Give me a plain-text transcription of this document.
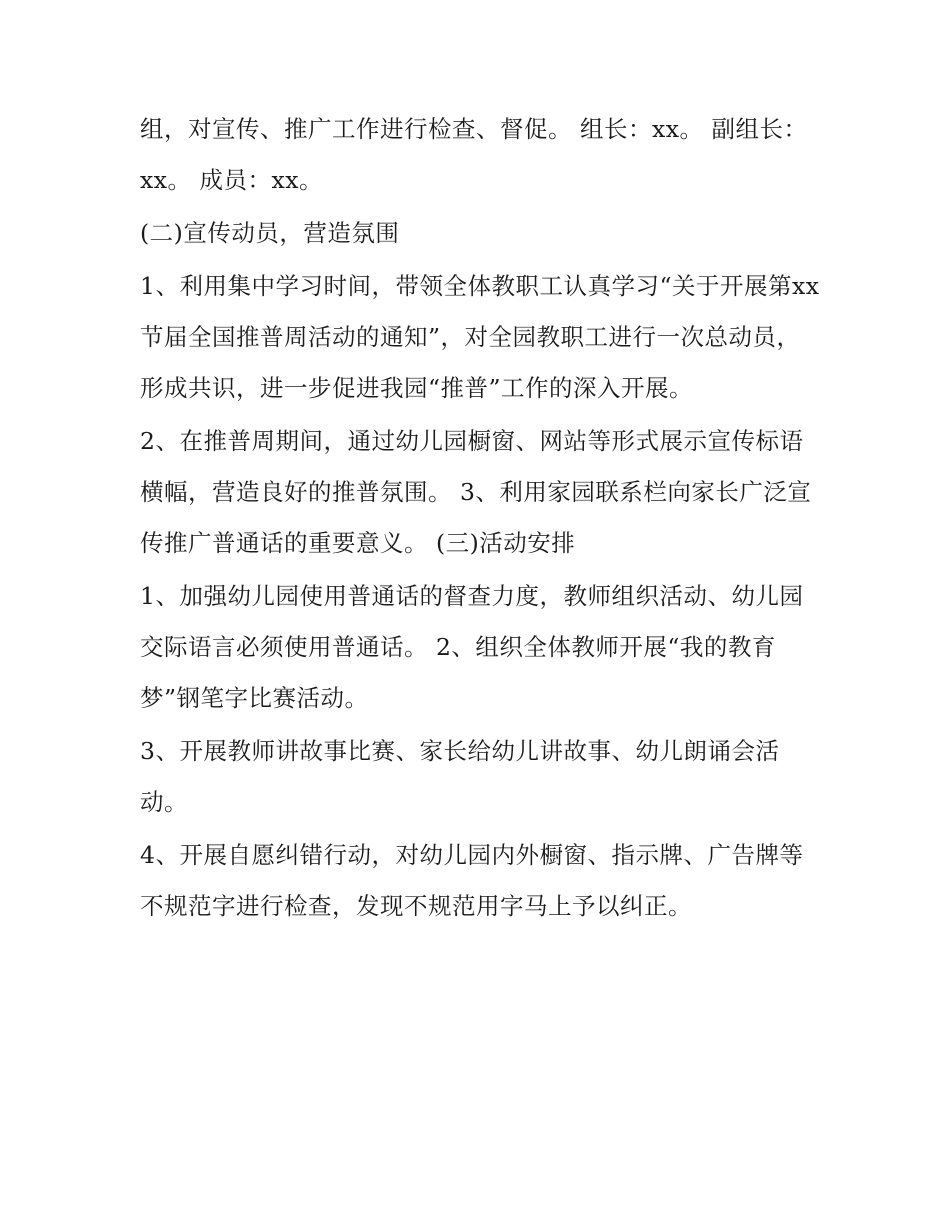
组，对宣传、推广工作进行检查、督促。 组长：xx。 副组长：xx。 成员：xx。

(二)宣传动员，营造氛围

1、利用集中学习时间，带领全体教职工认真学习“关于开展第xx节届全国推普周活动的通知”，对全园教职工进行一次总动员，形成共识，进一步促进我园“推普”工作的深入开展。

2、在推普周期间，通过幼儿园橱窗、网站等形式展示宣传标语横幅，营造良好的推普氛围。 3、利用家园联系栏向家长广泛宣传推广普通话的重要意义。 (三)活动安排

1、加强幼儿园使用普通话的督查力度，教师组织活动、幼儿园交际语言必须使用普通话。 2、组织全体教师开展“我的教育梦”钢笔字比赛活动。

3、开展教师讲故事比赛、家长给幼儿讲故事、幼儿朗诵会活动。

4、开展自愿纠错行动，对幼儿园内外橱窗、指示牌、广告牌等不规范字进行检查，发现不规范用字马上予以纠正。
